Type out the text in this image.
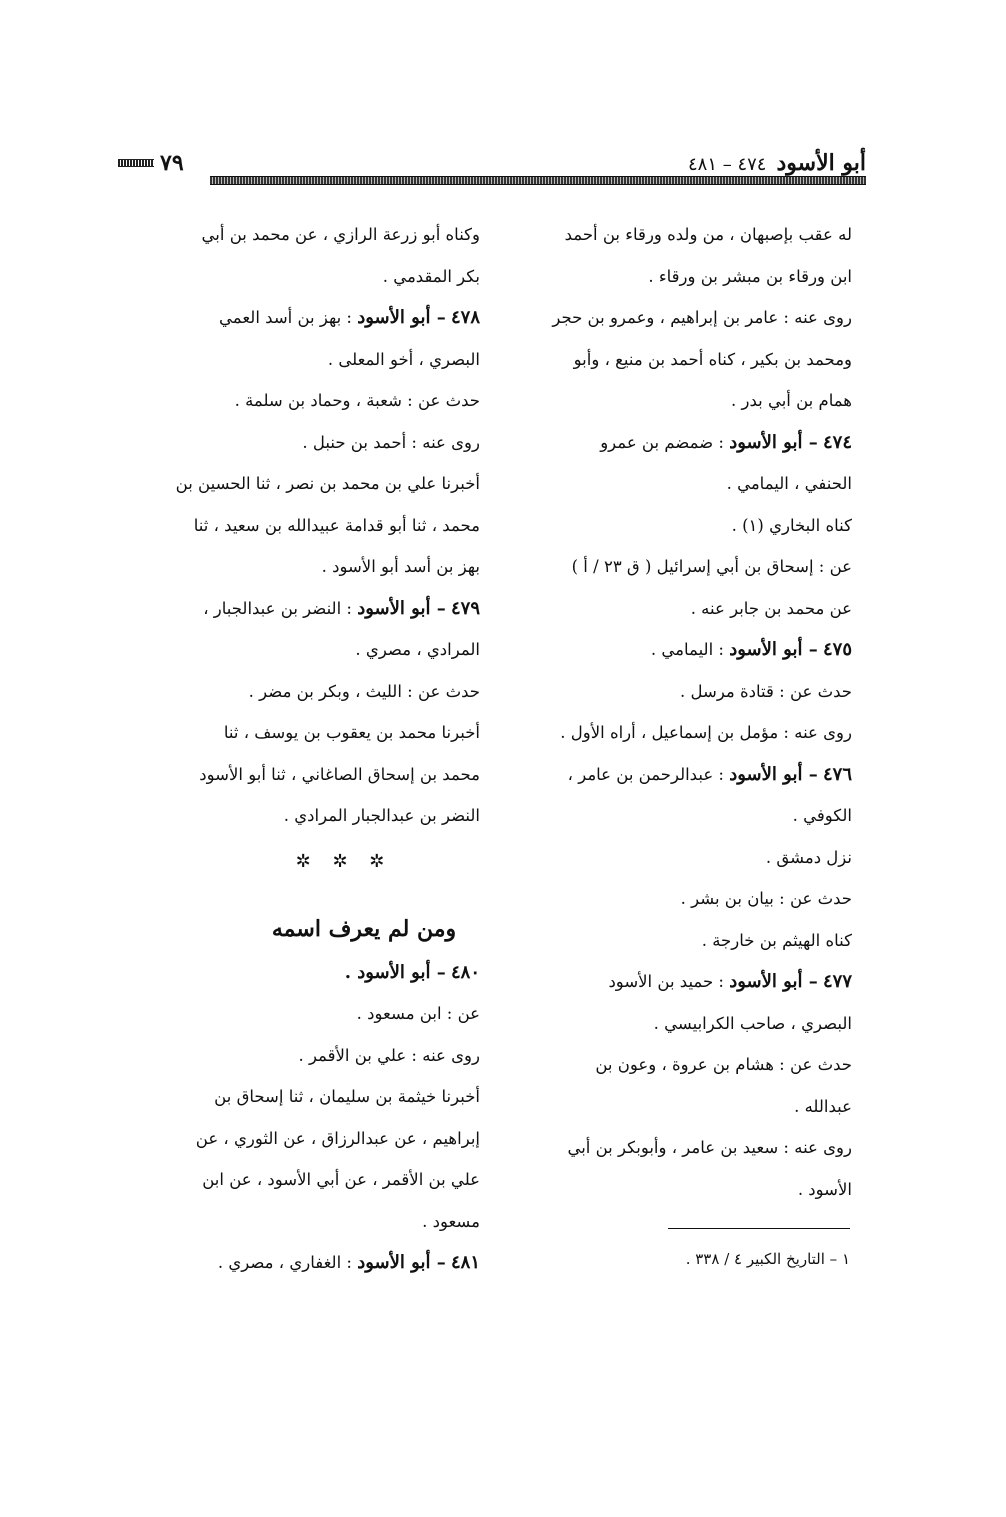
٧٩	أبو الأسود٤٧٤ – ٤٨١
له عقب بإصبهان ، من ولده ورقاء بن أحمد
ابن ورقاء بن مبشر بن ورقاء .
روى عنه : عامر بن إبراهيم ، وعمرو بن حجر
ومحمد بن بكير ، كناه أحمد بن منيع ، وأبو
همام بن أبي بدر .
٤٧٤ – أبو الأسود : ضمضم بن عمرو
الحنفي ، اليمامي .
كناه البخاري (١) .
عن : إسحاق بن أبي إسرائيل ( ق ٢٣ / أ )
عن محمد بن جابر عنه .
٤٧٥ – أبو الأسود : اليمامي .
حدث عن : قتادة مرسل .
روى عنه : مؤمل بن إسماعيل ، أراه الأول .
٤٧٦ – أبو الأسود : عبدالرحمن بن عامر ،
الكوفي .
نزل دمشق .
حدث عن : بيان بن بشر .
كناه الهيثم بن خارجة .
٤٧٧ – أبو الأسود : حميد بن الأسود
البصري ، صاحب الكرابيسي .
حدث عن : هشام بن عروة ، وعون بن
عبدالله .
روى عنه : سعيد بن عامر ، وأبوبكر بن أبي
الأسود .
وكناه أبو زرعة الرازي ، عن محمد بن أبي
بكر المقدمي .
٤٧٨ – أبو الأسود : بهز بن أسد العمي
البصري ، أخو المعلى .
حدث عن : شعبة ، وحماد بن سلمة .
روى عنه : أحمد بن حنبل .
أخبرنا علي بن محمد بن نصر ، ثنا الحسين بن
محمد ، ثنا أبو قدامة عبيدالله بن سعيد ، ثنا
بهز بن أسد أبو الأسود .
٤٧٩ – أبو الأسود : النضر بن عبدالجبار ،
المرادي ، مصري .
حدث عن : الليث ، وبكر بن مضر .
أخبرنا محمد بن يعقوب بن يوسف ، ثنا
محمد بن إسحاق الصاغاني ، ثنا أبو الأسود
النضر بن عبدالجبار المرادي .
✲ ✲ ✲
ومن لم يعرف اسمه
٤٨٠ – أبو الأسود .
عن : ابن مسعود .
روى عنه : علي بن الأقمر .
أخبرنا خيثمة بن سليمان ، ثنا إسحاق بن
إبراهيم ، عن عبدالرزاق ، عن الثوري ، عن
علي بن الأقمر ، عن أبي الأسود ، عن ابن
مسعود .
٤٨١ – أبو الأسود : الغفاري ، مصري .	١ – التاريخ الكبير ٤ / ٣٣٨ .
